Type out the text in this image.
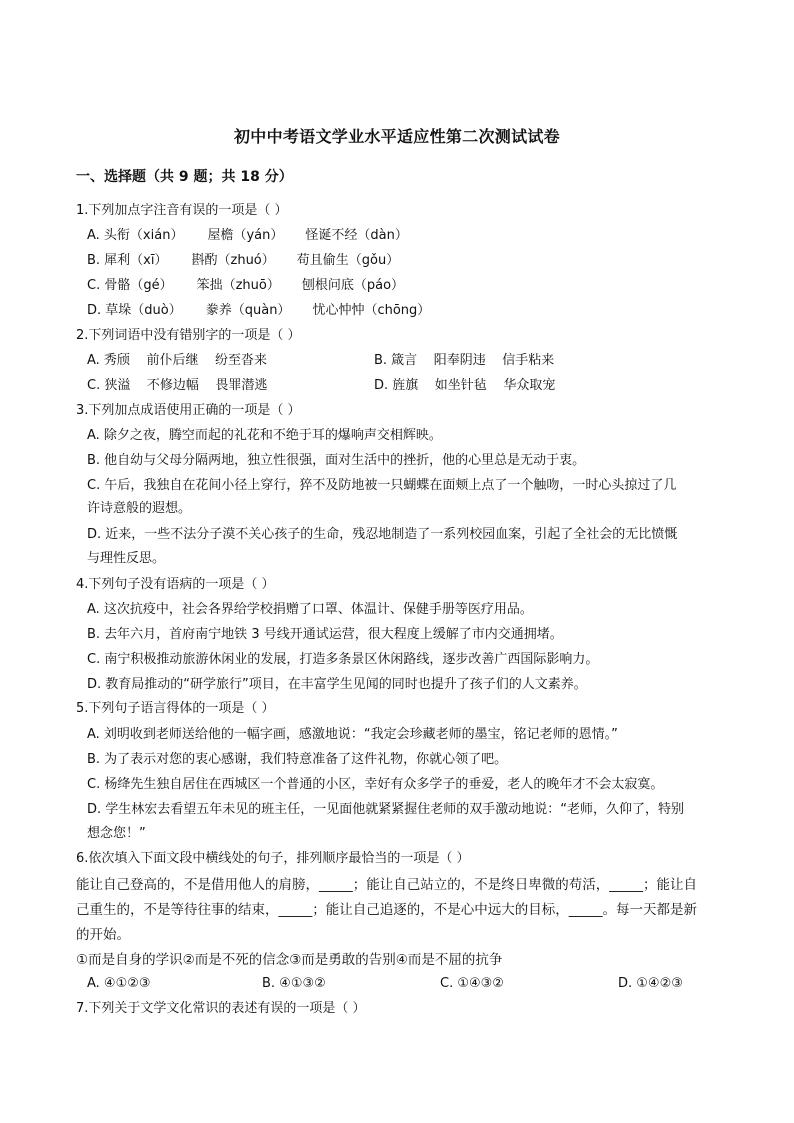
初中中考语文学业水平适应性第二次测试试卷
一、选择题（共 9 题；共 18 分）
1.下列加点字注音有误的一项是（ ）
A. 头衔（xián） 屋檐（yán） 怪诞不经（dàn）
B. 犀利（xī） 斟酌（zhuó） 苟且偷生（gǒu）
C. 骨骼（gé） 笨拙（zhuō） 刨根问底（páo）
D. 草垛（duò） 豢养（quàn） 忧心忡忡（chōng）
2.下列词语中没有错别字的一项是（ ）
A. 秀颀    前仆后继    纷至沓来	B. 箴言    阳奉阴违    信手粘来
C. 狭溢    不修边幅    畏罪潜逃	D. 旌旗    如坐针毡    华众取宠
3.下列加点成语使用正确的一项是（ ）
A. 除夕之夜，腾空而起的礼花和不绝于耳的爆响声交相辉映。
B. 他自幼与父母分隔两地，独立性很强，面对生活中的挫折，他的心里总是无动于衷。
C. 午后，我独自在花间小径上穿行，猝不及防地被一只蝴蝶在面颊上点了一个触吻，一时心头掠过了几
许诗意般的遐想。
D. 近来，一些不法分子漠不关心孩子的生命，残忍地制造了一系列校园血案，引起了全社会的无比愤慨
与理性反思。
4.下列句子没有语病的一项是（ ）
A. 这次抗疫中，社会各界给学校捐赠了口罩、体温计、保健手册等医疗用品。
B. 去年六月，首府南宁地铁 3 号线开通试运营，很大程度上缓解了市内交通拥堵。
C. 南宁积极推动旅游休闲业的发展，打造多条景区休闲路线，逐步改善广西国际影响力。
D. 教育局推动的“研学旅行”项目，在丰富学生见闻的同时也提升了孩子们的人文素养。
5.下列句子语言得体的一项是（ ）
A. 刘明收到老师送给他的一幅字画，感激地说：“我定会珍藏老师的墨宝，铭记老师的恩情。”
B. 为了表示对您的衷心感谢，我们特意准备了这件礼物，你就心领了吧。
C. 杨绛先生独自居住在西城区一个普通的小区，幸好有众多学子的垂爱，老人的晚年才不会太寂寞。
D. 学生林宏去看望五年未见的班主任，一见面他就紧紧握住老师的双手激动地说：“老师，久仰了，特别
想念您！”
6.依次填入下面文段中横线处的句子，排列顺序最恰当的一项是（ ）
能让自己登高的，不是借用他人的肩膀，_____；能让自己站立的，不是终日卑微的苟活，_____；能让自
己重生的，不是等待往事的结束，_____；能让自己追逐的，不是心中远大的目标，_____。每一天都是新
的开始。
①而是自身的学识②而是不死的信念③而是勇敢的告别④而是不屈的抗争
A. ④①②③	B. ④①③②	C. ①④③②	D. ①④②③
7.下列关于文学文化常识的表述有误的一项是（ ）
